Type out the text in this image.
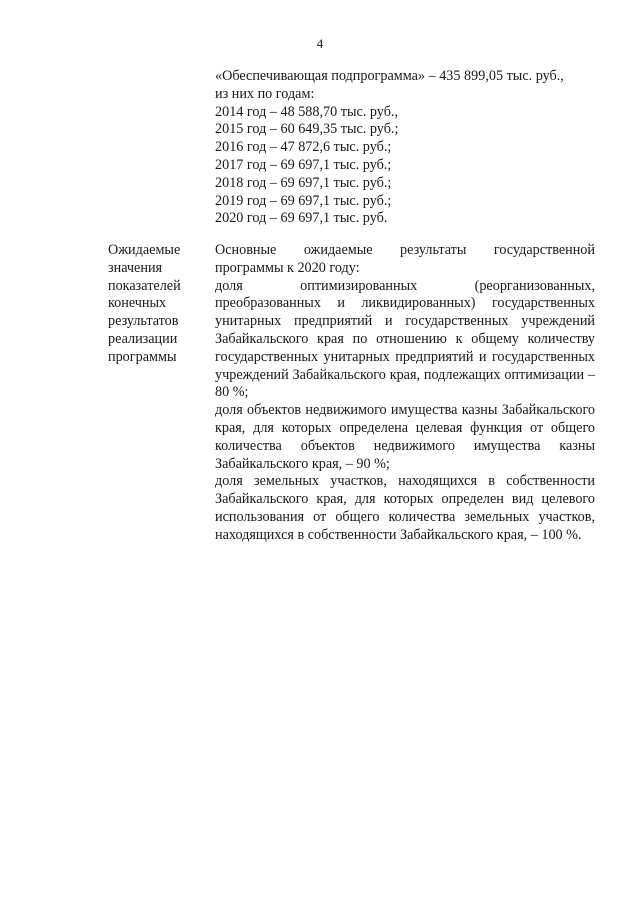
4
«Обеспечивающая подпрограмма» – 435 899,05 тыс. руб.,
из них по годам:
2014 год – 48 588,70 тыс. руб.,
2015 год – 60 649,35 тыс. руб.;
2016 год – 47 872,6 тыс. руб.;
2017 год – 69 697,1 тыс. руб.;
2018 год – 69 697,1 тыс. руб.;
2019 год – 69 697,1 тыс. руб.;
2020 год – 69 697,1 тыс. руб.
Ожидаемые
значения
показателей
конечных
результатов
реализации
программы

Основные ожидаемые результаты государственной программы к 2020 году:

доля оптимизированных (реорганизованных, преобразованных и ликвидированных) государственных унитарных предприятий и государственных учреждений Забайкальского края по отношению к общему количеству государственных унитарных предприятий и государственных учреждений Забайкальского края, подлежащих оптимизации – 80 %;

доля объектов недвижимого имущества казны Забайкальского края, для которых определена целевая функция от общего количества объектов недвижимого имущества казны Забайкальского края, – 90 %;

доля земельных участков, находящихся в собственности Забайкальского края, для которых определен вид целевого использования от общего количества земельных участков, находящихся в собственности Забайкальского края, – 100 %.
